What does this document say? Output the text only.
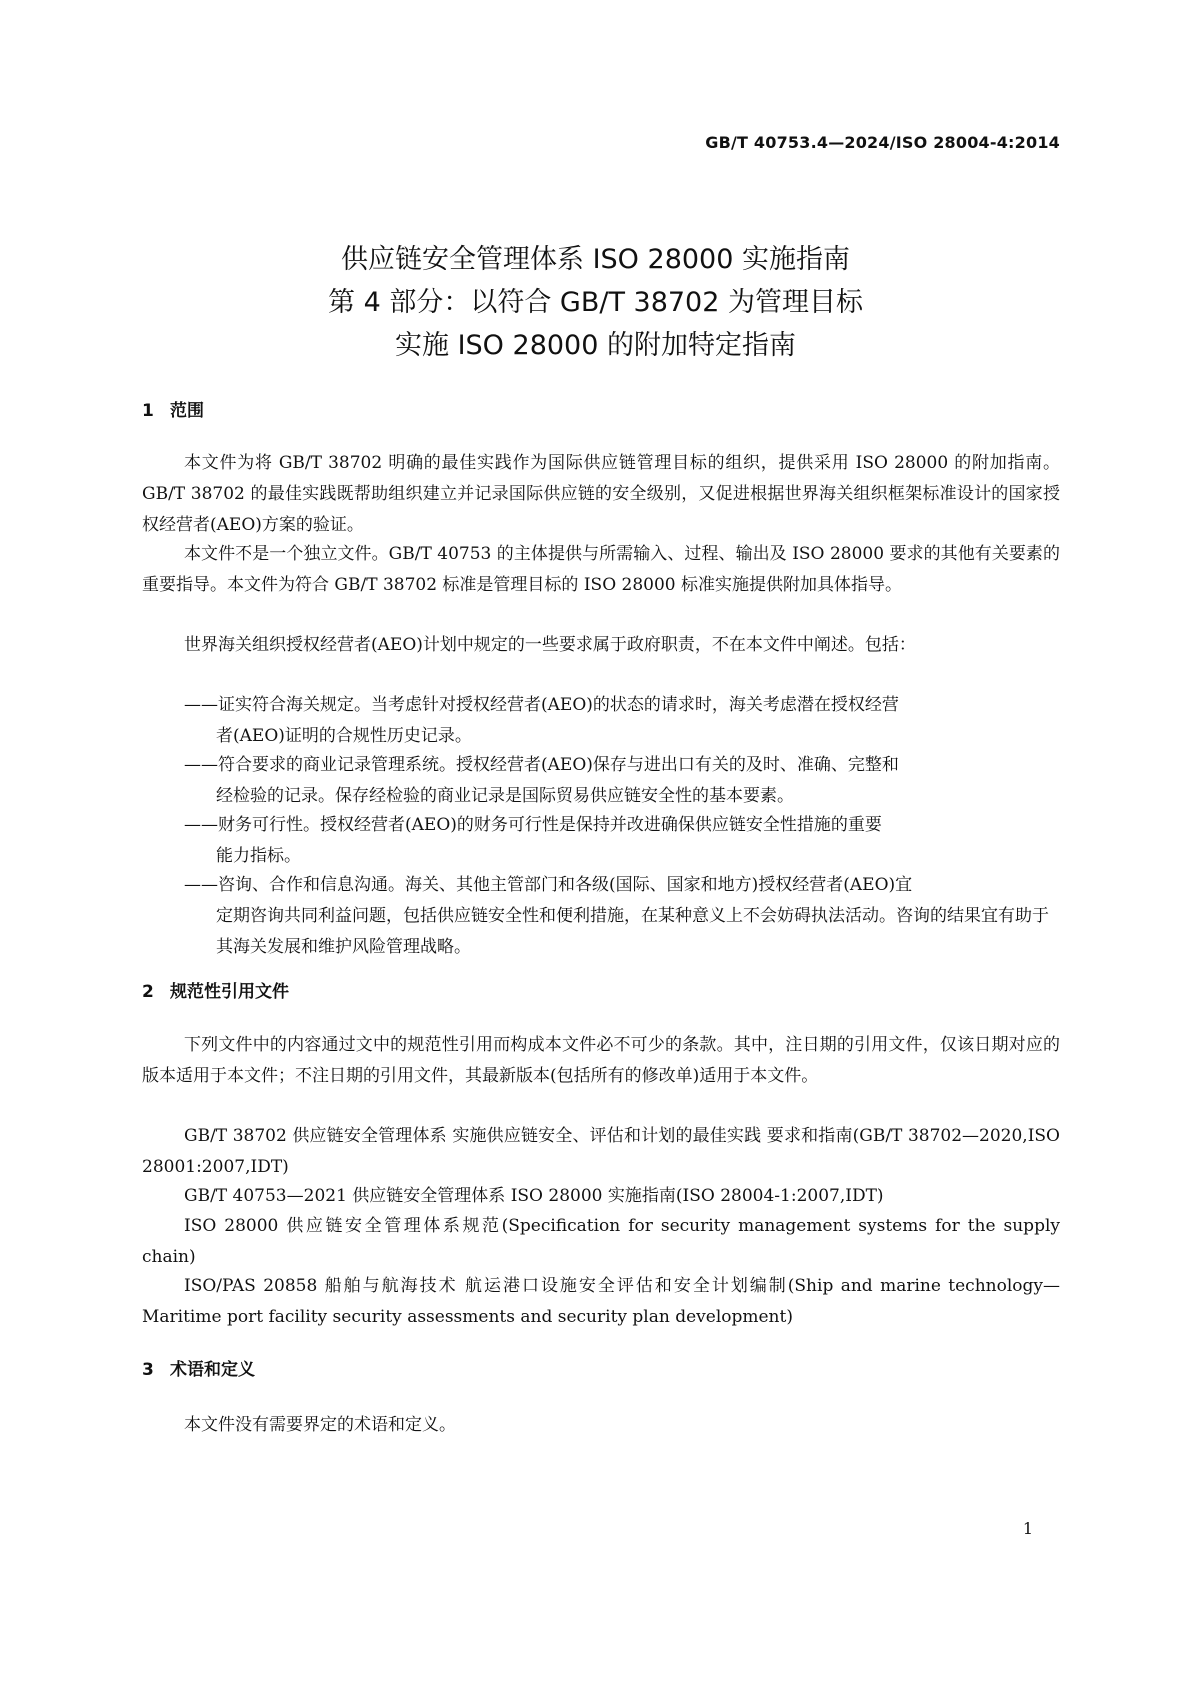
GB/T 40753.4—2024/ISO 28004-4:2014
供应链安全管理体系 ISO 28000 实施指南
第 4 部分：以符合 GB/T 38702 为管理目标
实施 ISO 28000 的附加特定指南
1 范围
本文件为将 GB/T 38702 明确的最佳实践作为国际供应链管理目标的组织，提供采用 ISO 28000 的附加指南。GB/T 38702 的最佳实践既帮助组织建立并记录国际供应链的安全级别，又促进根据世界海关组织框架标准设计的国家授权经营者(AEO)方案的验证。
本文件不是一个独立文件。GB/T 40753 的主体提供与所需输入、过程、输出及 ISO 28000 要求的其他有关要素的重要指导。本文件为符合 GB/T 38702 标准是管理目标的 ISO 28000 标准实施提供附加具体指导。
世界海关组织授权经营者(AEO)计划中规定的一些要求属于政府职责，不在本文件中阐述。包括：
——证实符合海关规定。当考虑针对授权经营者(AEO)的状态的请求时，海关考虑潜在授权经营
者(AEO)证明的合规性历史记录。
——符合要求的商业记录管理系统。授权经营者(AEO)保存与进出口有关的及时、准确、完整和
经检验的记录。保存经检验的商业记录是国际贸易供应链安全性的基本要素。
——财务可行性。授权经营者(AEO)的财务可行性是保持并改进确保供应链安全性措施的重要
能力指标。
——咨询、合作和信息沟通。海关、其他主管部门和各级(国际、国家和地方)授权经营者(AEO)宜
定期咨询共同利益问题，包括供应链安全性和便利措施，在某种意义上不会妨碍执法活动。咨询的结果宜有助于其海关发展和维护风险管理战略。
2 规范性引用文件
下列文件中的内容通过文中的规范性引用而构成本文件必不可少的条款。其中，注日期的引用文件，仅该日期对应的版本适用于本文件；不注日期的引用文件，其最新版本(包括所有的修改单)适用于本文件。
GB/T 38702 供应链安全管理体系 实施供应链安全、评估和计划的最佳实践 要求和指南(GB/T 38702—2020,ISO 28001:2007,IDT)
GB/T 40753—2021 供应链安全管理体系 ISO 28000 实施指南(ISO 28004-1:2007,IDT)
ISO 28000 供应链安全管理体系规范(Specification for security management systems for the supply chain)
ISO/PAS 20858 船舶与航海技术 航运港口设施安全评估和安全计划编制(Ship and marine technology—Maritime port facility security assessments and security plan development)
3 术语和定义
本文件没有需要界定的术语和定义。
1
